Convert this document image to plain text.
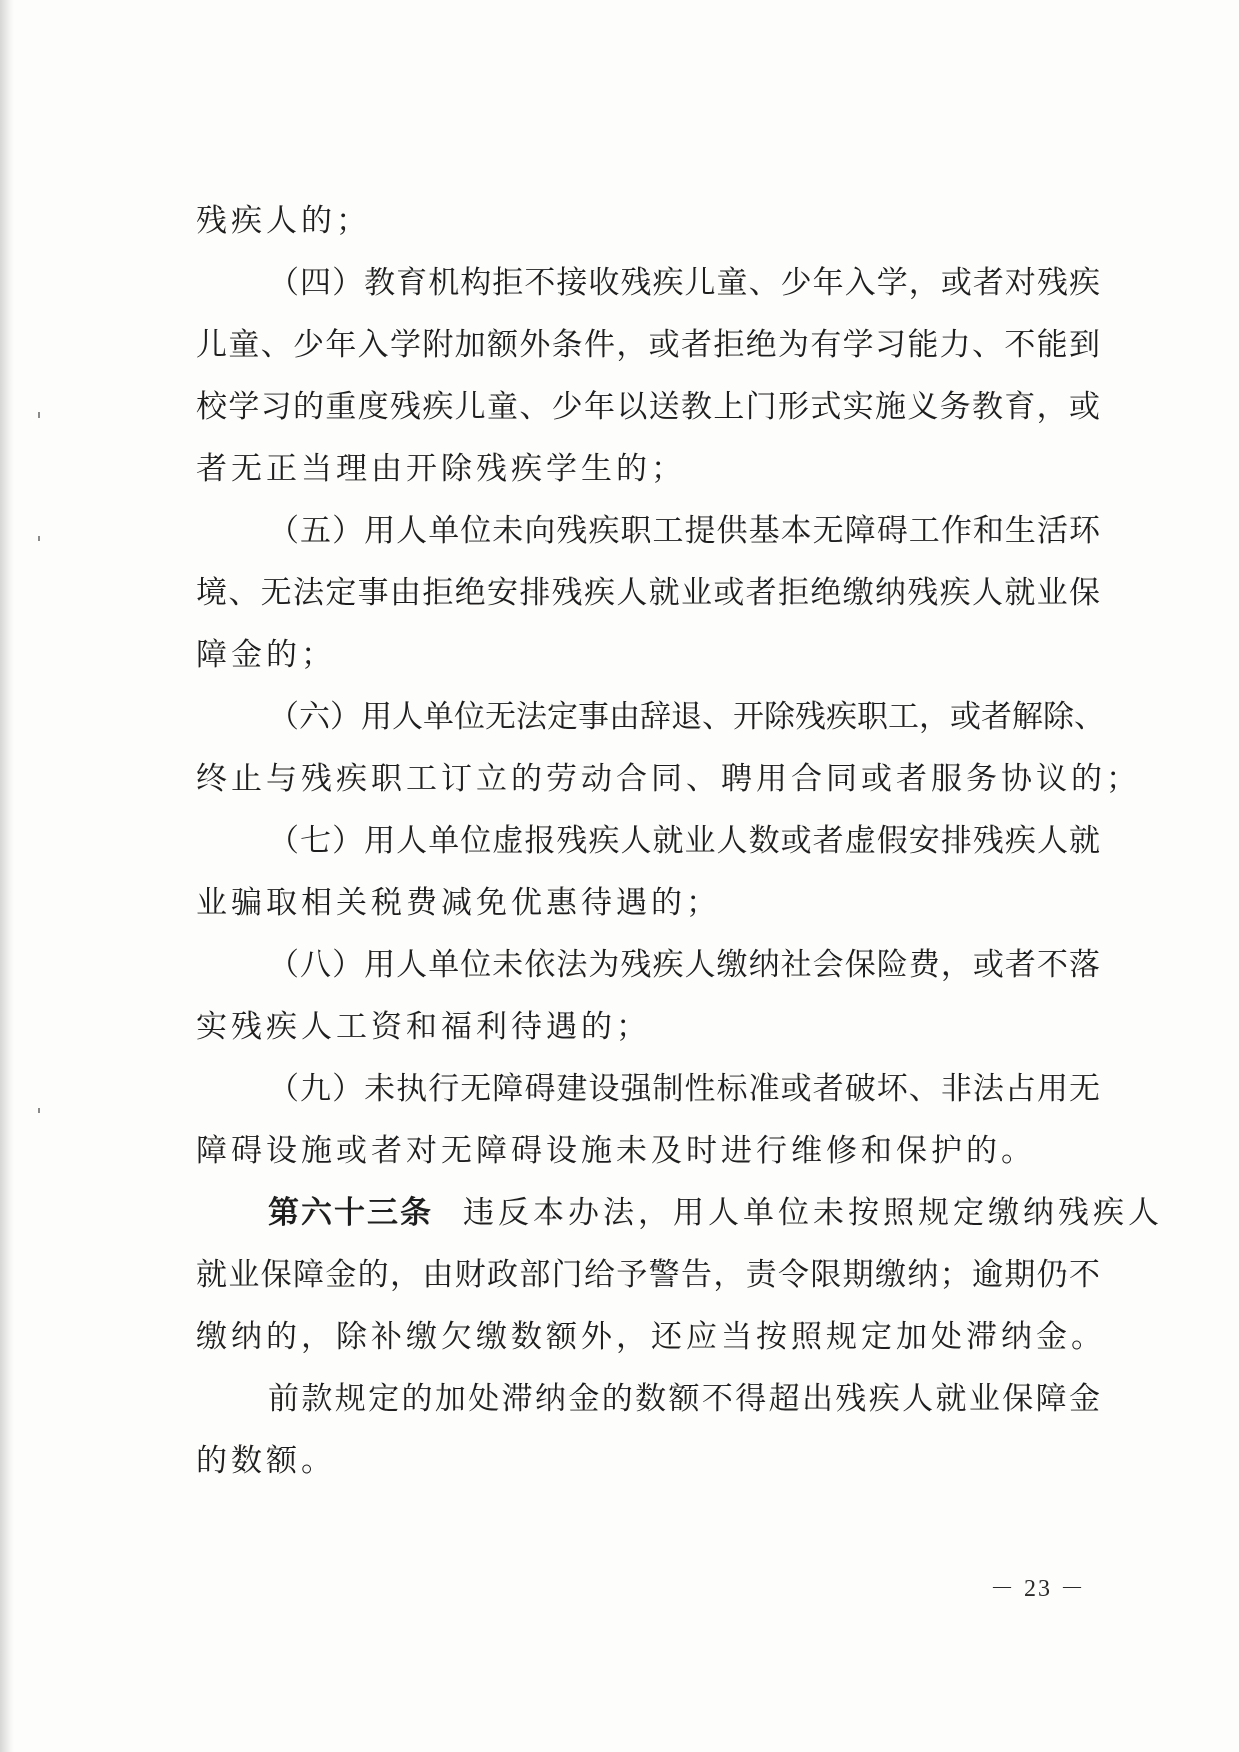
残疾人的；
（四）教育机构拒不接收残疾儿童、少年入学，或者对残疾
儿童、少年入学附加额外条件，或者拒绝为有学习能力、不能到
校学习的重度残疾儿童、少年以送教上门形式实施义务教育，或
者无正当理由开除残疾学生的；
（五）用人单位未向残疾职工提供基本无障碍工作和生活环
境、无法定事由拒绝安排残疾人就业或者拒绝缴纳残疾人就业保
障金的；
（六）用人单位无法定事由辞退、开除残疾职工，或者解除、
终止与残疾职工订立的劳动合同、聘用合同或者服务协议的；
（七）用人单位虚报残疾人就业人数或者虚假安排残疾人就
业骗取相关税费减免优惠待遇的；
（八）用人单位未依法为残疾人缴纳社会保险费，或者不落
实残疾人工资和福利待遇的；
（九）未执行无障碍建设强制性标准或者破坏、非法占用无
障碍设施或者对无障碍设施未及时进行维修和保护的。
第六十三条 违反本办法，用人单位未按照规定缴纳残疾人
就业保障金的，由财政部门给予警告，责令限期缴纳；逾期仍不
缴纳的，除补缴欠缴数额外，还应当按照规定加处滞纳金。
前款规定的加处滞纳金的数额不得超出残疾人就业保障金
的数额。
－ 23 －
